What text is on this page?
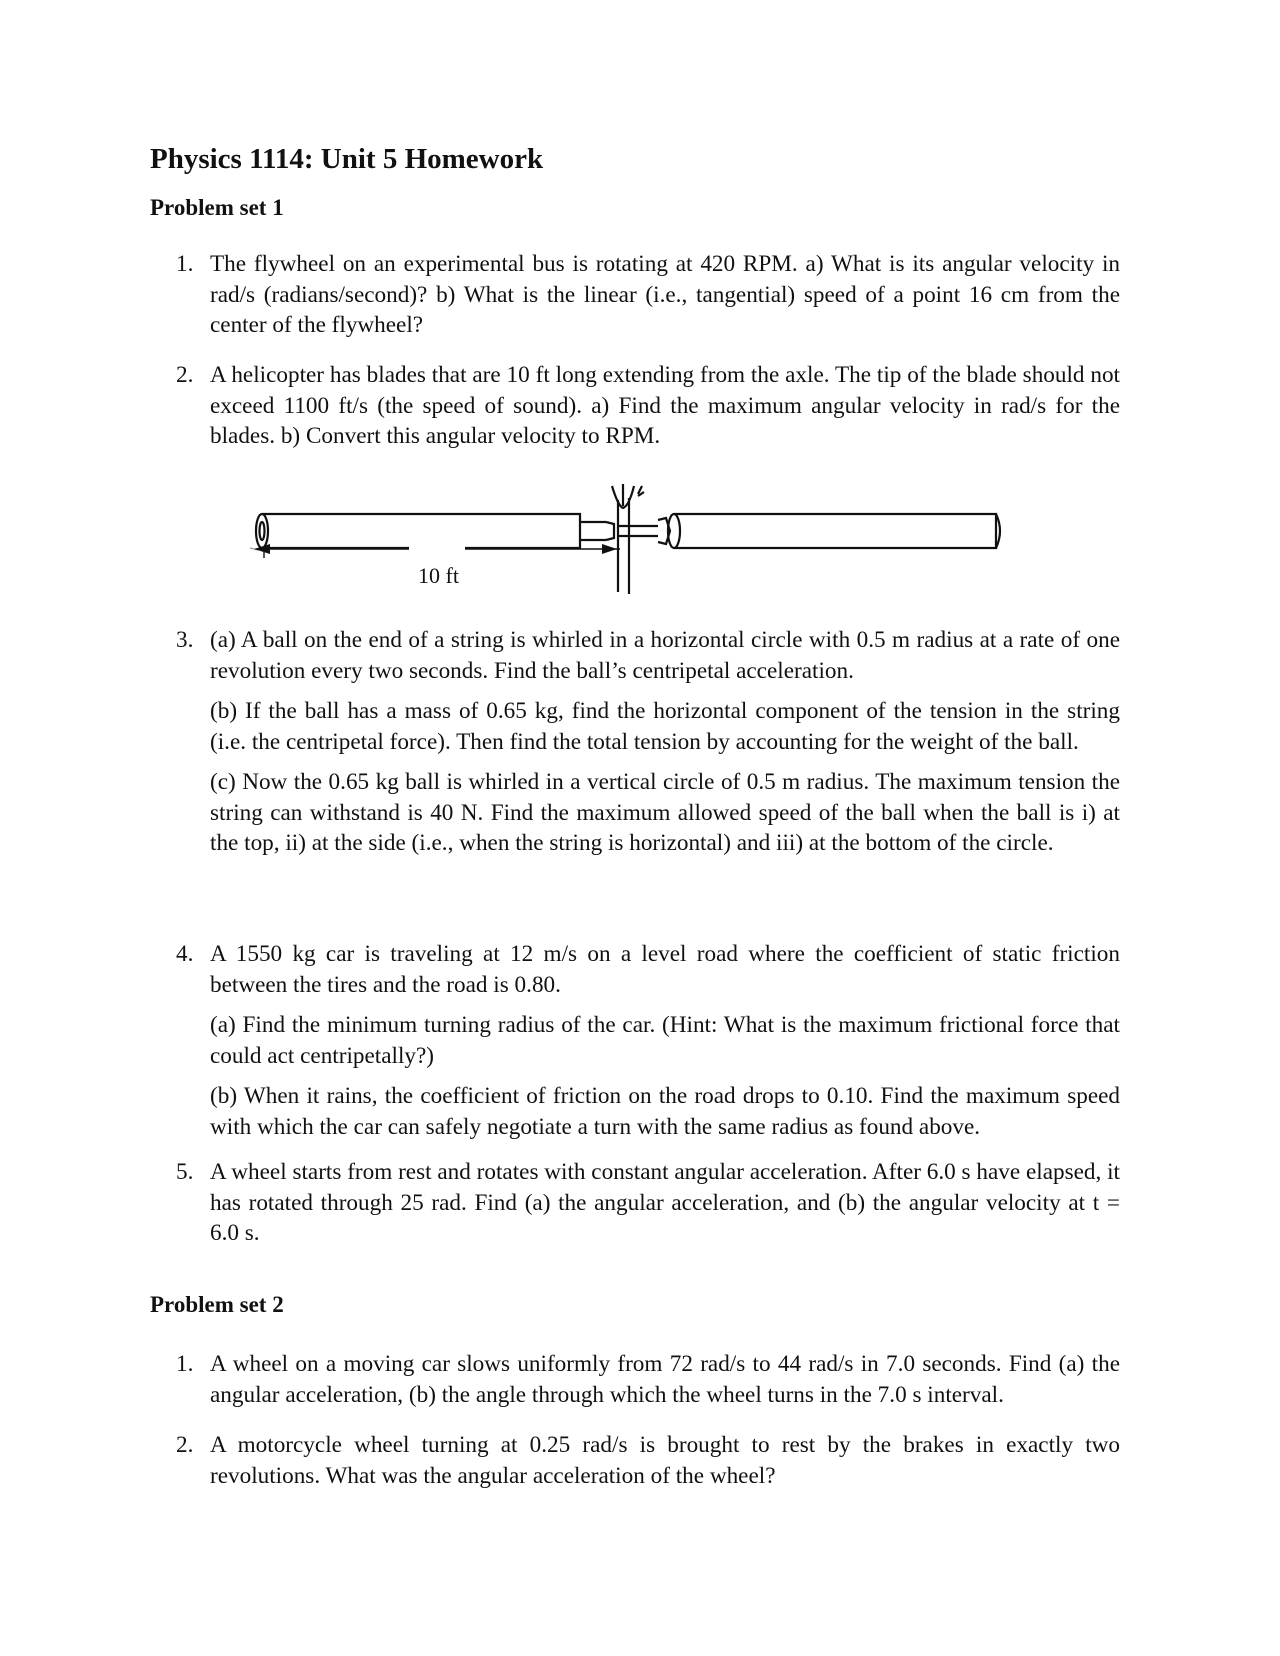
Physics 1114: Unit 5 Homework
Problem set 1
1. The flywheel on an experimental bus is rotating at 420 RPM. a) What is its angular velocity in rad/s (radians/second)? b) What is the linear (i.e., tangential) speed of a point 16 cm from the center of the flywheel?
2. A helicopter has blades that are 10 ft long extending from the axle. The tip of the blade should not exceed 1100 ft/s (the speed of sound). a) Find the maximum angular velocity in rad/s for the blades. b) Convert this angular velocity to RPM.
10 ft
3. (a) A ball on the end of a string is whirled in a horizontal circle with 0.5 m radius at a rate of one revolution every two seconds. Find the ball’s centripetal acceleration.
(b) If the ball has a mass of 0.65 kg, find the horizontal component of the tension in the string (i.e. the centripetal force). Then find the total tension by accounting for the weight of the ball.
(c) Now the 0.65 kg ball is whirled in a vertical circle of 0.5 m radius. The maximum tension the string can withstand is 40 N. Find the maximum allowed speed of the ball when the ball is i) at the top, ii) at the side (i.e., when the string is horizontal) and iii) at the bottom of the circle.
4. A 1550 kg car is traveling at 12 m/s on a level road where the coefficient of static friction between the tires and the road is 0.80.
(a) Find the minimum turning radius of the car. (Hint: What is the maximum frictional force that could act centripetally?)
(b) When it rains, the coefficient of friction on the road drops to 0.10. Find the maximum speed with which the car can safely negotiate a turn with the same radius as found above.
5. A wheel starts from rest and rotates with constant angular acceleration. After 6.0 s have elapsed, it has rotated through 25 rad. Find (a) the angular acceleration, and (b) the angular velocity at t = 6.0 s.
Problem set 2
1. A wheel on a moving car slows uniformly from 72 rad/s to 44 rad/s in 7.0 seconds. Find (a) the angular acceleration, (b) the angle through which the wheel turns in the 7.0 s interval.
2. A motorcycle wheel turning at 0.25 rad/s is brought to rest by the brakes in exactly two revolutions. What was the angular acceleration of the wheel?
